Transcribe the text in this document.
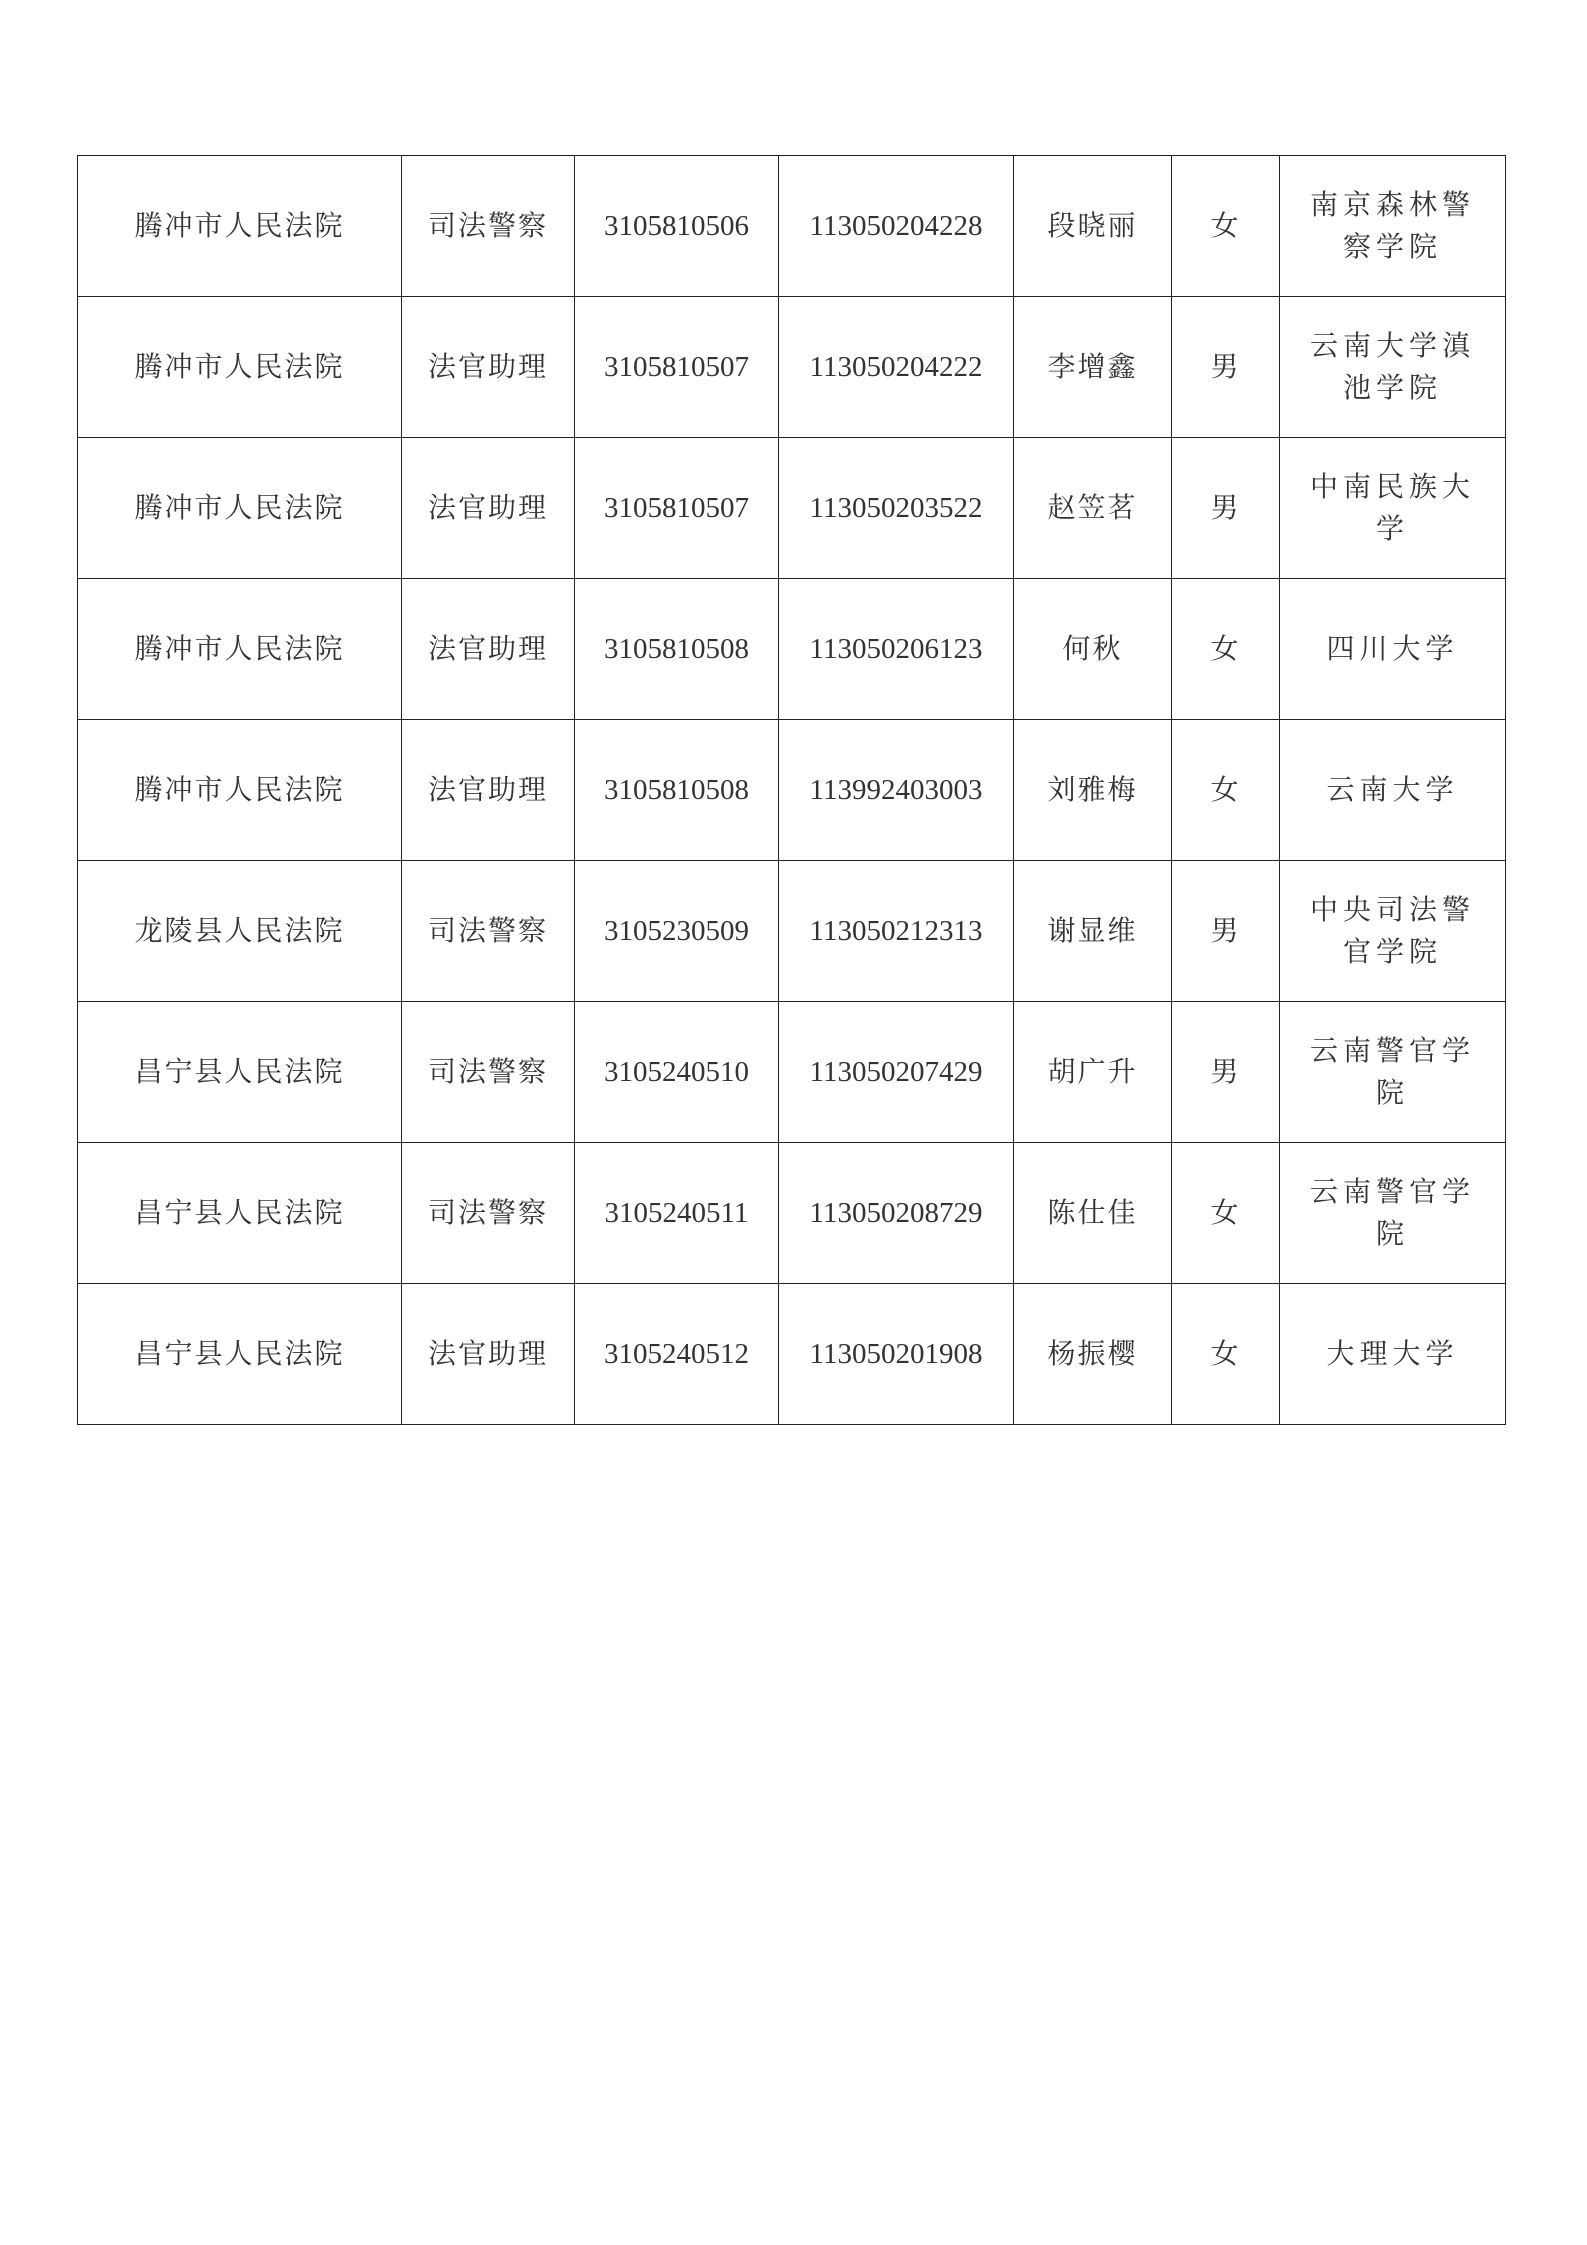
腾冲市人民法院	司法警察	3105810506	113050204228	段晓丽	女	南京森林警察学院
腾冲市人民法院	法官助理	3105810507	113050204222	李增鑫	男	云南大学滇池学院
腾冲市人民法院	法官助理	3105810507	113050203522	赵笠茗	男	中南民族大学
腾冲市人民法院	法官助理	3105810508	113050206123	何秋	女	四川大学
腾冲市人民法院	法官助理	3105810508	113992403003	刘雅梅	女	云南大学
龙陵县人民法院	司法警察	3105230509	113050212313	谢显维	男	中央司法警官学院
昌宁县人民法院	司法警察	3105240510	113050207429	胡广升	男	云南警官学院
昌宁县人民法院	司法警察	3105240511	113050208729	陈仕佳	女	云南警官学院
昌宁县人民法院	法官助理	3105240512	113050201908	杨振樱	女	大理大学
